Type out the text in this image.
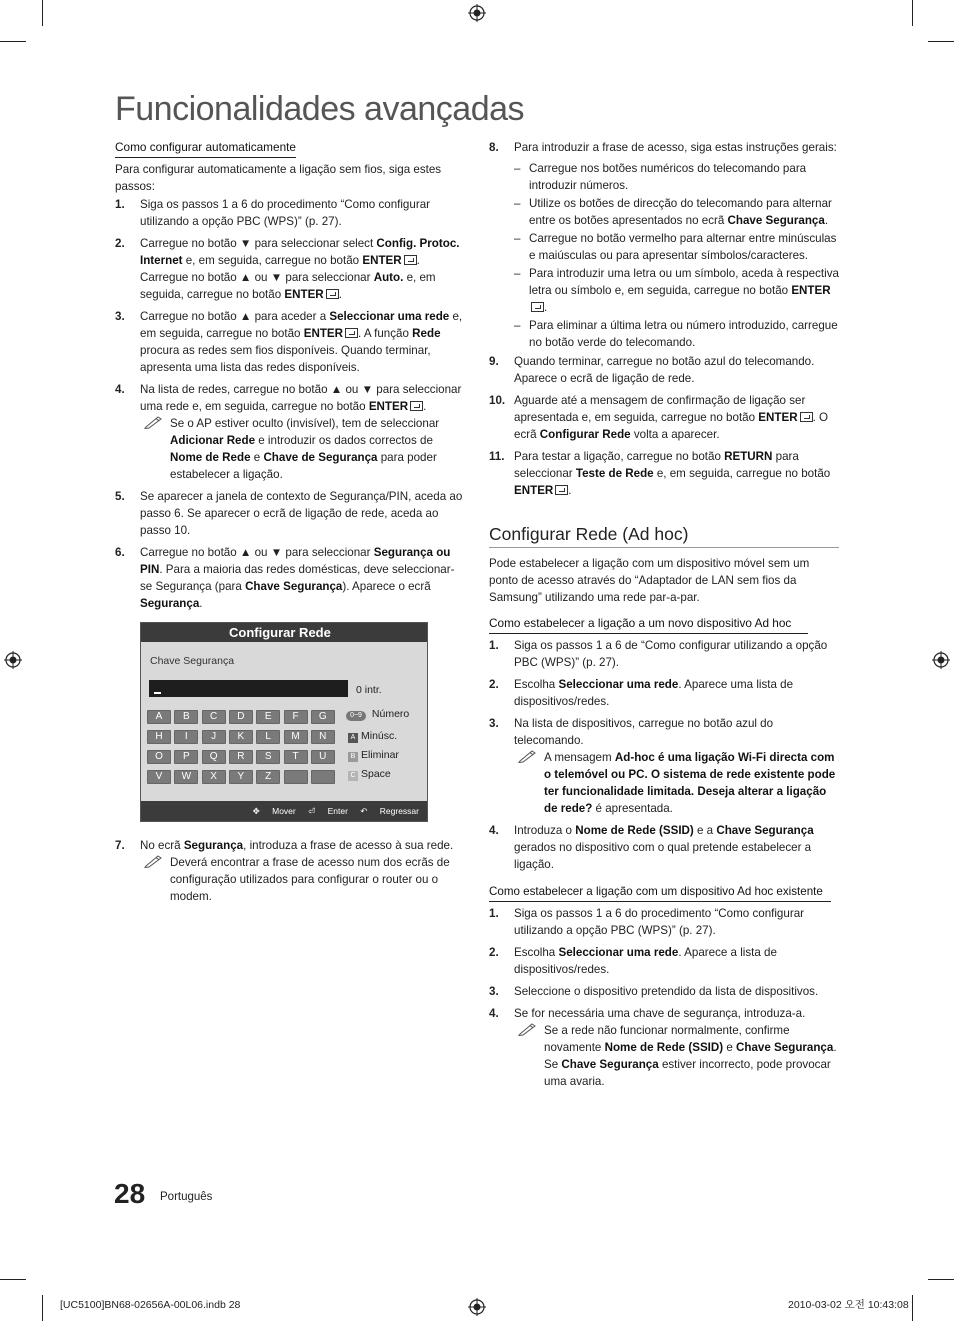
Funcionalidades avançadas
Como configurar automaticamente

Para configurar automaticamente a ligação sem fios, siga estes passos:

1. Siga os passos 1 a 6 do procedimento “Como configurar utilizando a opção PBC (WPS)” (p. 27).
2. Carregue no botão ▼ para seleccionar select Config. Protoc. Internet e, em seguida, carregue no botão ENTER . Carregue no botão ▲ ou ▼ para seleccionar Auto. e, em seguida, carregue no botão ENTER .
3. Carregue no botão ▲ para aceder a Seleccionar uma rede e, em seguida, carregue no botão ENTER . A função Rede procura as redes sem fios disponíveis. Quando terminar, apresenta uma lista das redes disponíveis.
4. Na lista de redes, carregue no botão ▲ ou ▼ para seleccionar uma rede e, em seguida, carregue no botão ENTER .
Se o AP estiver oculto (invisível), tem de seleccionar Adicionar Rede e introduzir os dados correctos de Nome de Rede e Chave de Segurança para poder estabelecer a ligação.
5. Se aparecer a janela de contexto de Segurança/PIN, aceda ao passo 6. Se aparecer o ecrã de ligação de rede, aceda ao passo 10.
6. Carregue no botão ▲ ou ▼ para seleccionar Segurança ou PIN. Para a maioria das redes domésticas, deve seleccionar-se Segurança (para Chave Segurança). Aparece o ecrã Segurança.
Configurar Rede
Chave Segurança
0 intr.
A	B	C	D	E	F	G
H	I	J	K	L	M	N
O	P	Q	R	S	T	U
V	W	X	Y	Z
0~9 Número
A Minúsc.
B Eliminar
C Space
✥ Mover ⏎ Enter ↶ Regressar
7. No ecrã Segurança, introduza a frase de acesso à sua rede.
Deverá encontrar a frase de acesso num dos ecrãs de configuração utilizados para configurar o router ou o modem.
8. Para introduzir a frase de acesso, siga estas instruções gerais:
– Carregue nos botões numéricos do telecomando para introduzir números.
– Utilize os botões de direcção do telecomando para alternar entre os botões apresentados no ecrã Chave Segurança.
– Carregue no botão vermelho para alternar entre minúsculas e maiúsculas ou para apresentar símbolos/caracteres.
– Para introduzir uma letra ou um símbolo, aceda à respectiva letra ou símbolo e, em seguida, carregue no botão ENTER.
– Para eliminar a última letra ou número introduzido, carregue no botão verde do telecomando.
9. Quando terminar, carregue no botão azul do telecomando. Aparece o ecrã de ligação de rede.
10. Aguarde até a mensagem de confirmação de ligação ser apresentada e, em seguida, carregue no botão ENTER . O ecrã Configurar Rede volta a aparecer.
11. Para testar a ligação, carregue no botão RETURN para seleccionar Teste de Rede e, em seguida, carregue no botão ENTER .
Configurar Rede (Ad hoc)

Pode estabelecer a ligação com um dispositivo móvel sem um ponto de acesso através do “Adaptador de LAN sem fios da Samsung” utilizando uma rede par-a-par.

Como estabelecer a ligação a um novo dispositivo Ad hoc
1. Siga os passos 1 a 6 de “Como configurar utilizando a opção PBC (WPS)” (p. 27).
2. Escolha Seleccionar uma rede. Aparece uma lista de dispositivos/redes.
3. Na lista de dispositivos, carregue no botão azul do telecomando.
A mensagem Ad-hoc é uma ligação Wi-Fi directa com o telemóvel ou PC. O sistema de rede existente pode ter funcionalidade limitada. Deseja alterar a ligação de rede? é apresentada.
4. Introduza o Nome de Rede (SSID) e a Chave Segurança gerados no dispositivo com o qual pretende estabelecer a ligação.
Como estabelecer a ligação com um dispositivo Ad hoc existente
1. Siga os passos 1 a 6 do procedimento “Como configurar utilizando a opção PBC (WPS)” (p. 27).
2. Escolha Seleccionar uma rede. Aparece a lista de dispositivos/redes.
3. Seleccione o dispositivo pretendido da lista de dispositivos.
4. Se for necessária uma chave de segurança, introduza-a.
Se a rede não funcionar normalmente, confirme novamente Nome de Rede (SSID) e Chave Segurança. Se Chave Segurança estiver incorrecto, pode provocar uma avaria.
28 Português
[UC5100]BN68-02656A-00L06.indb 28	2010-03-02 오전 10:43:08
